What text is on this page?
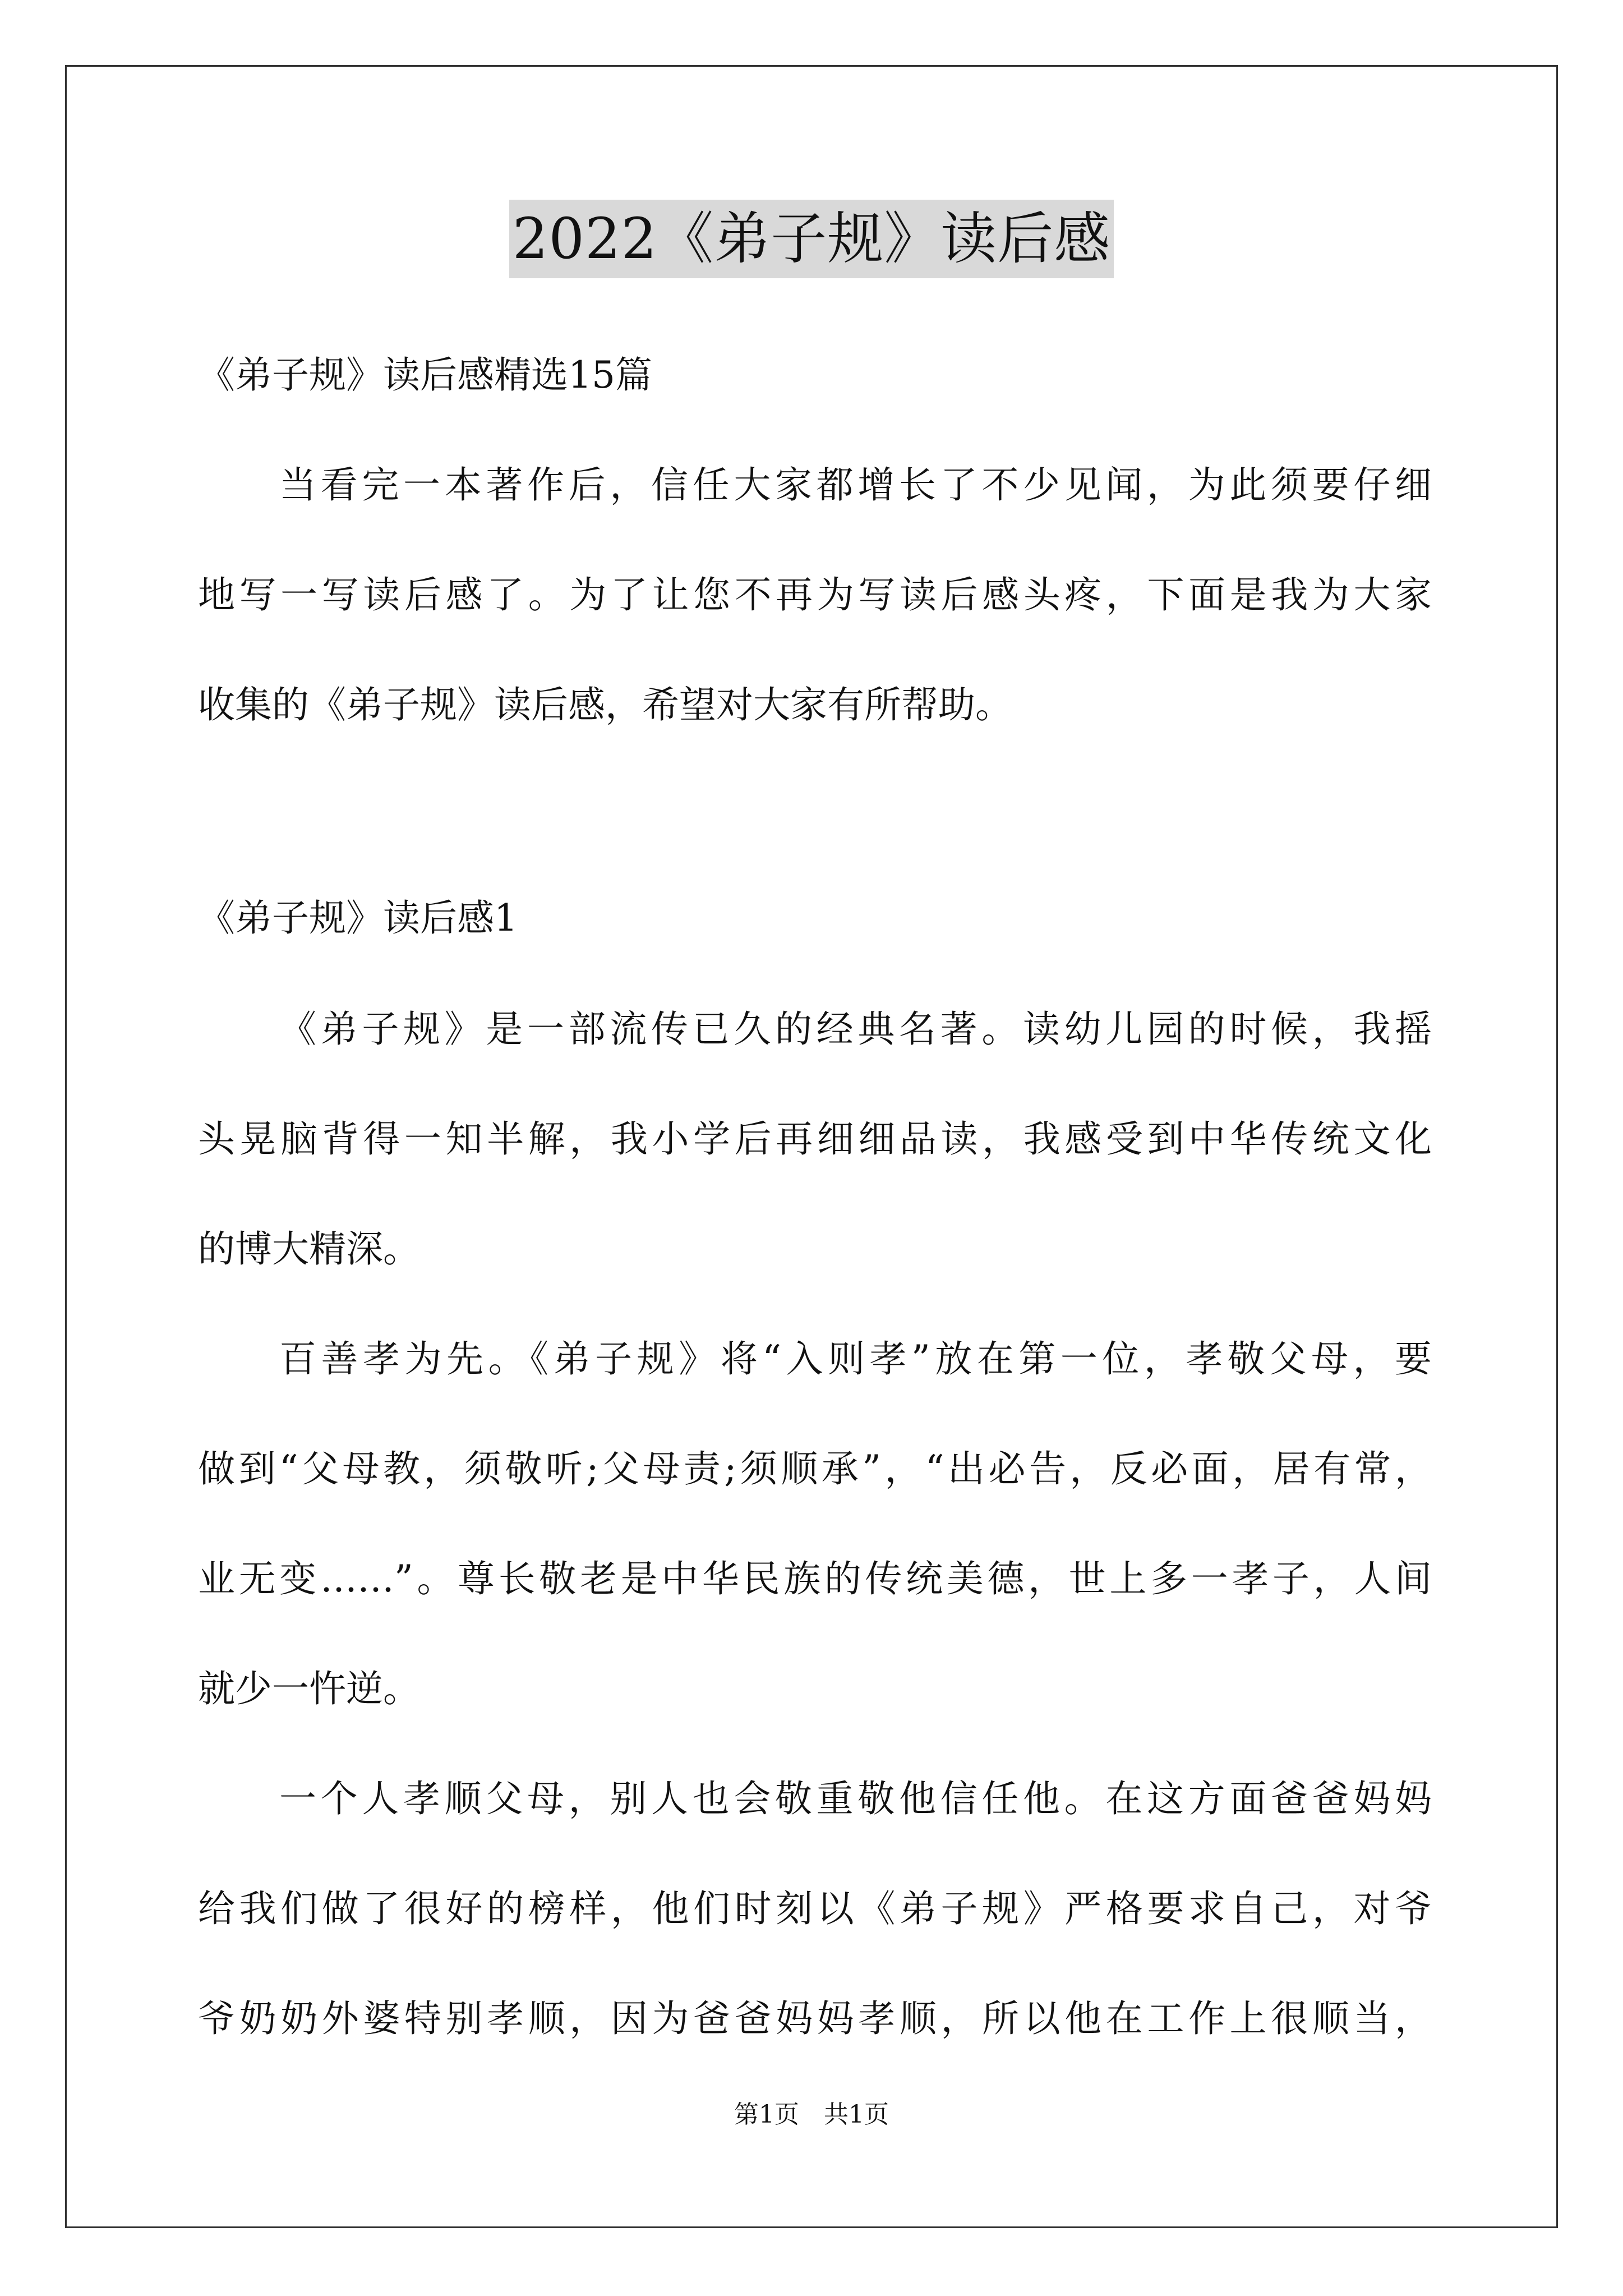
2022《弟子规》读后感
《弟子规》读后感精选15篇
当看完一本著作后，信任大家都增长了不少见闻，为此须要仔细
地写一写读后感了。为了让您不再为写读后感头疼，下面是我为大家
收集的《弟子规》读后感，希望对大家有所帮助。
《弟子规》读后感1
《弟子规》是一部流传已久的经典名著。读幼儿园的时候，我摇
头晃脑背得一知半解，我小学后再细细品读，我感受到中华传统文化
的博大精深。
百善孝为先。《弟子规》将“入则孝”放在第一位，孝敬父母，要
做到“父母教，须敬听;父母责;须顺承”，“出必告，反必面，居有常，
业无变……”。尊长敬老是中华民族的传统美德，世上多一孝子，人间
就少一忤逆。
一个人孝顺父母，别人也会敬重敬他信任他。在这方面爸爸妈妈
给我们做了很好的榜样，他们时刻以《弟子规》严格要求自己，对爷
爷奶奶外婆特别孝顺，因为爸爸妈妈孝顺，所以他在工作上很顺当，
第1页　共1页
